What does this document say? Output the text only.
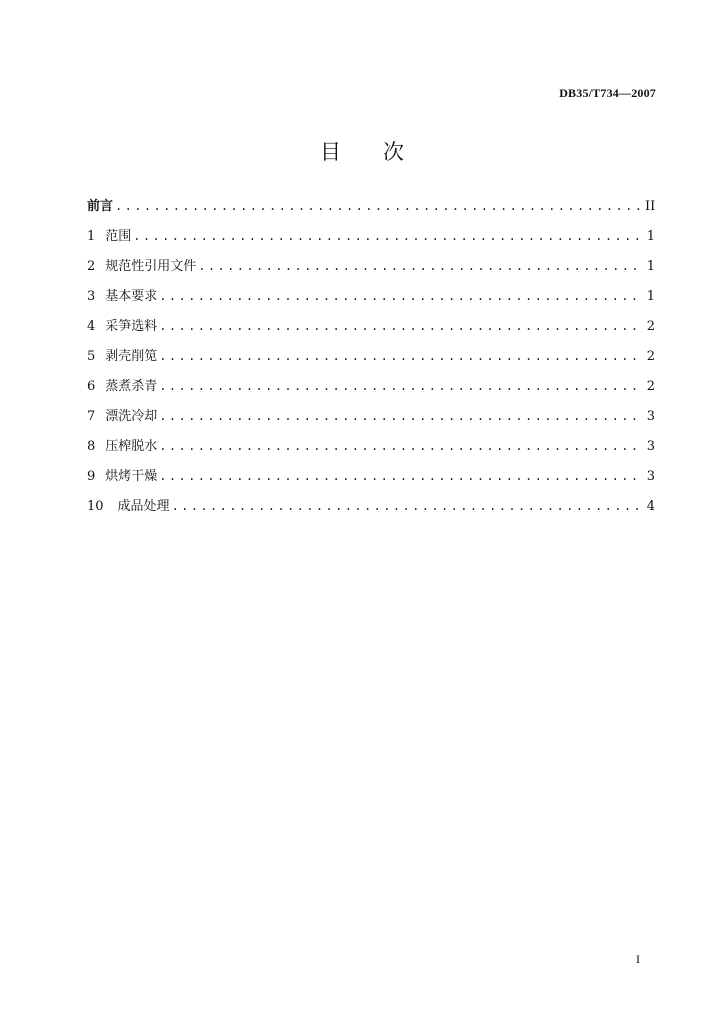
DB35/T734—2007
目 次
前言 .....	II
1 范围 .....	1
2 规范性引用文件 .....	1
3 基本要求 .....	1
4 采笋选料 .....	2
5 剥壳削笕 .....	2
6 蒸煮杀青 .....	2
7 漂洗冷却 .....	3
8 压榨脱水 .....	3
9 烘烤干燥 .....	3
10 成品处理 .....	4
I
